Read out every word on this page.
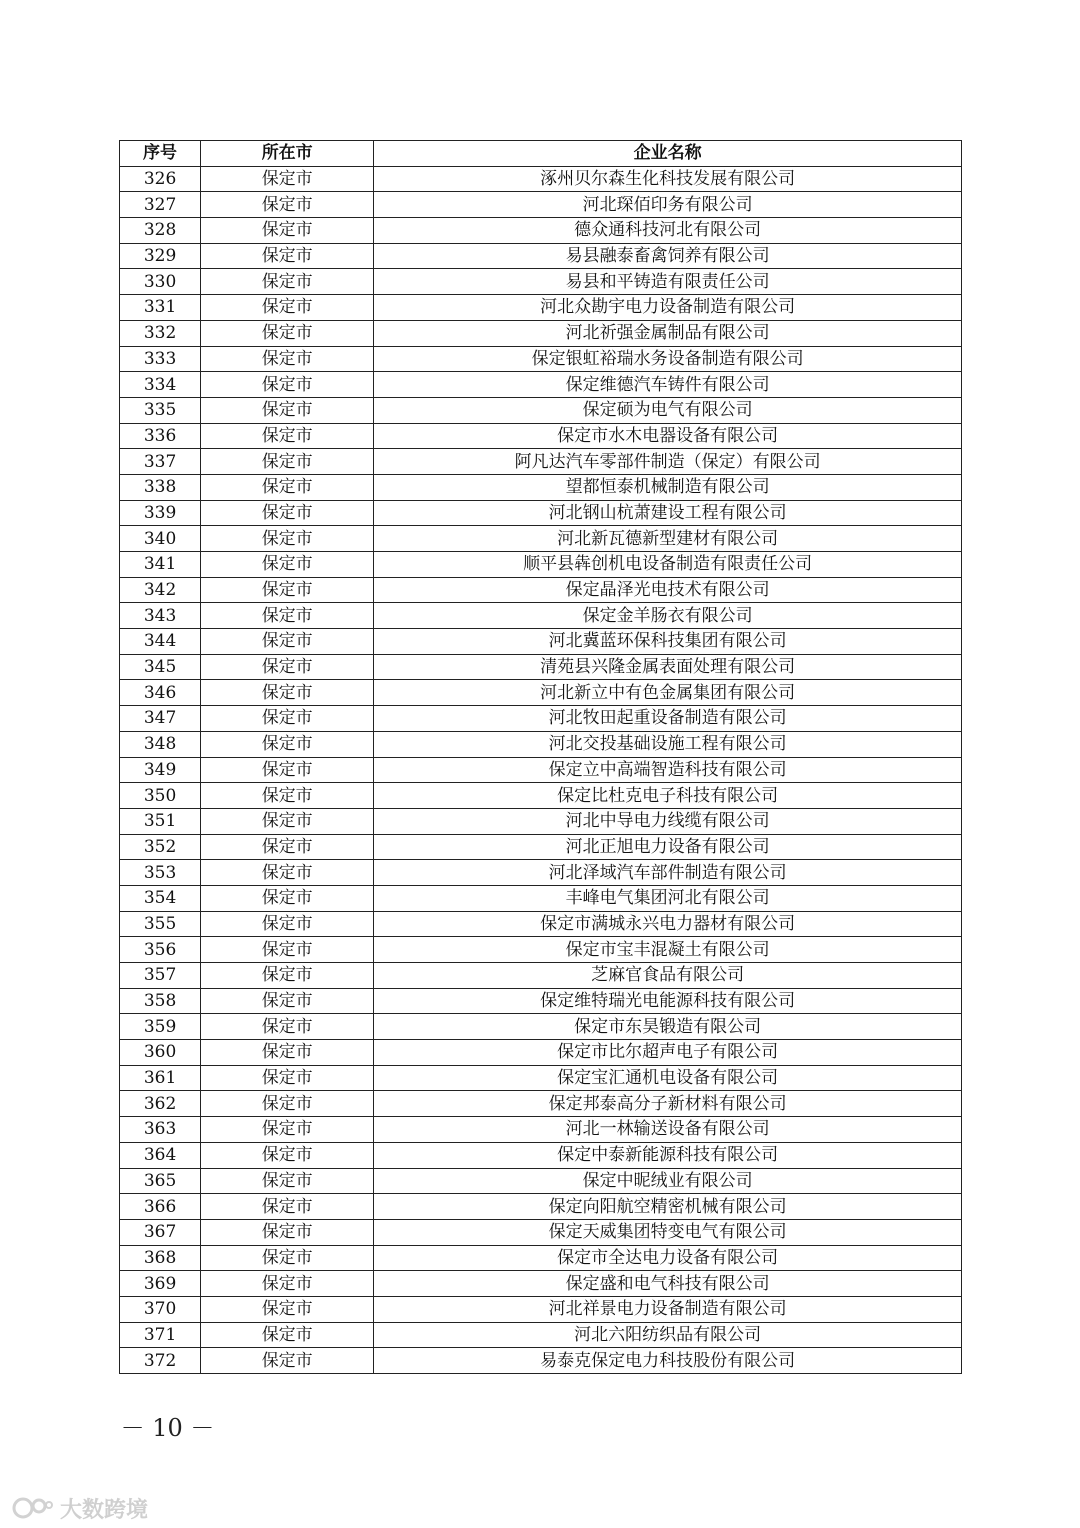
序号	所在市	企业名称
326	保定市	涿州贝尔森生化科技发展有限公司
327	保定市	河北琛佰印务有限公司
328	保定市	德众通科技河北有限公司
329	保定市	易县融泰畜禽饲养有限公司
330	保定市	易县和平铸造有限责任公司
331	保定市	河北众勘宇电力设备制造有限公司
332	保定市	河北祈强金属制品有限公司
333	保定市	保定银虹裕瑞水务设备制造有限公司
334	保定市	保定维德汽车铸件有限公司
335	保定市	保定硕为电气有限公司
336	保定市	保定市水木电器设备有限公司
337	保定市	阿凡达汽车零部件制造（保定）有限公司
338	保定市	望都恒泰机械制造有限公司
339	保定市	河北钢山杭萧建设工程有限公司
340	保定市	河北新瓦德新型建材有限公司
341	保定市	顺平县犇创机电设备制造有限责任公司
342	保定市	保定晶泽光电技术有限公司
343	保定市	保定金羊肠衣有限公司
344	保定市	河北冀蓝环保科技集团有限公司
345	保定市	清苑县兴隆金属表面处理有限公司
346	保定市	河北新立中有色金属集团有限公司
347	保定市	河北牧田起重设备制造有限公司
348	保定市	河北交投基础设施工程有限公司
349	保定市	保定立中高端智造科技有限公司
350	保定市	保定比杜克电子科技有限公司
351	保定市	河北中导电力线缆有限公司
352	保定市	河北正旭电力设备有限公司
353	保定市	河北泽域汽车部件制造有限公司
354	保定市	丰峰电气集团河北有限公司
355	保定市	保定市满城永兴电力器材有限公司
356	保定市	保定市宝丰混凝土有限公司
357	保定市	芝麻官食品有限公司
358	保定市	保定维特瑞光电能源科技有限公司
359	保定市	保定市东昊锻造有限公司
360	保定市	保定市比尔超声电子有限公司
361	保定市	保定宝汇通机电设备有限公司
362	保定市	保定邦泰高分子新材料有限公司
363	保定市	河北一林输送设备有限公司
364	保定市	保定中泰新能源科技有限公司
365	保定市	保定中昵绒业有限公司
366	保定市	保定向阳航空精密机械有限公司
367	保定市	保定天威集团特变电气有限公司
368	保定市	保定市全达电力设备有限公司
369	保定市	保定盛和电气科技有限公司
370	保定市	河北祥景电力设备制造有限公司
371	保定市	河北六阳纺织品有限公司
372	保定市	易泰克保定电力科技股份有限公司
－ 10 －
大数跨境
